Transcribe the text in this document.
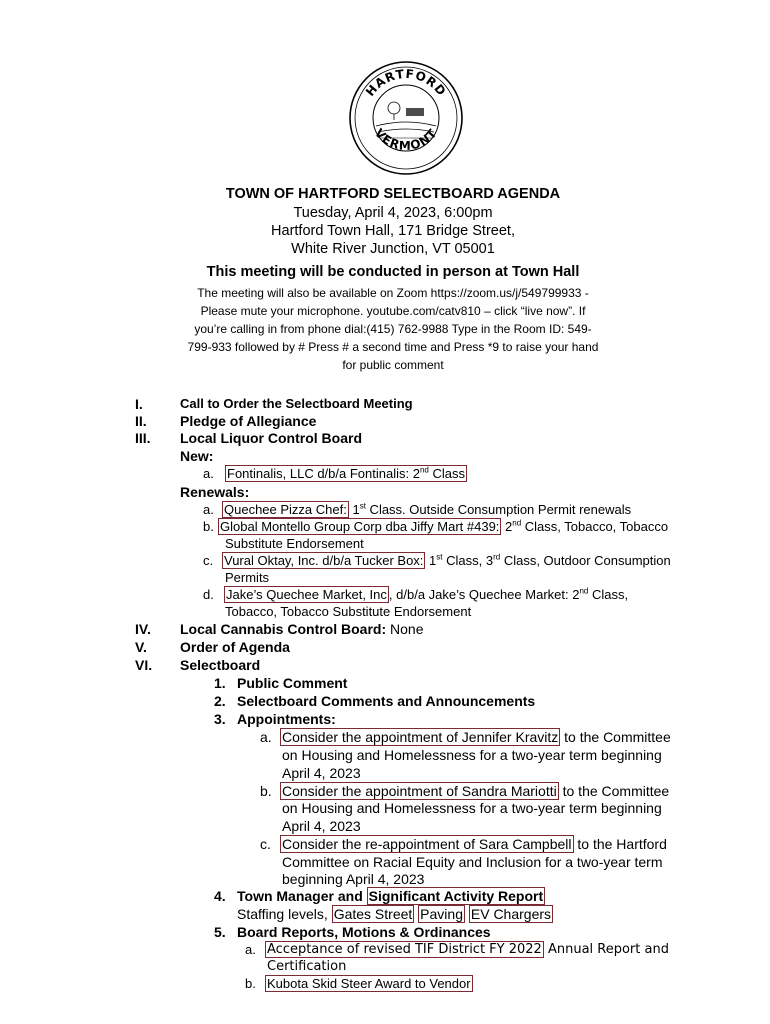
HARTFORD
VERMONT
TOWN OF HARTFORD SELECTBOARD AGENDA
Tuesday, April 4, 2023, 6:00pm
Hartford Town Hall, 171 Bridge Street,
White River Junction, VT 05001
This meeting will be conducted in person at Town Hall
The meeting will also be available on Zoom https://zoom.us/j/549799933 -
Please mute your microphone. youtube.com/catv810 – click “live now”. If
you’re calling in from phone dial:(415) 762-9988 Type in the Room ID: 549-
799-933 followed by # Press # a second time and Press *9 to raise your hand
for public comment
I.	Call to Order the Selectboard Meeting
II. Pledge of Allegiance
III. Local Liquor Control Board
New:
a. Fontinalis, LLC d/b/a Fontinalis: 2nd Class
Renewals:
a. Quechee Pizza Chef: 1st Class. Outside Consumption Permit renewals
b. Global Montello Group Corp dba Jiffy Mart #439: 2nd Class, Tobacco, Tobacco
Substitute Endorsement
c. Vural Oktay, Inc. d/b/a Tucker Box: 1st Class, 3rd Class, Outdoor Consumption
Permits
d. Jake’s Quechee Market, Inc , d/b/a Jake’s Quechee Market: 2nd Class,
Tobacco, Tobacco Substitute Endorsement
IV. Local Cannabis Control Board: None
V. Order of Agenda
VI. Selectboard
1. Public Comment
2. Selectboard Comments and Announcements
3. Appointments:
a. Consider the appointment of Jennifer Kravitz to the Committee
on Housing and Homelessness for a two-year term beginning
April 4, 2023
b. Consider the appointment of Sandra Mariotti to the Committee
on Housing and Homelessness for a two-year term beginning
April 4, 2023
c. Consider the re-appointment of Sara Campbell to the Hartford
Committee on Racial Equity and Inclusion for a two-year term
beginning April 4, 2023
4. Town Manager and Significant Activity Report
Staffing levels, Gates Street Paving EV Chargers
5. Board Reports, Motions & Ordinances
a. Acceptance of revised TIF District FY 2022 Annual Report and
Certification
b. Kubota Skid Steer Award to Vendor
